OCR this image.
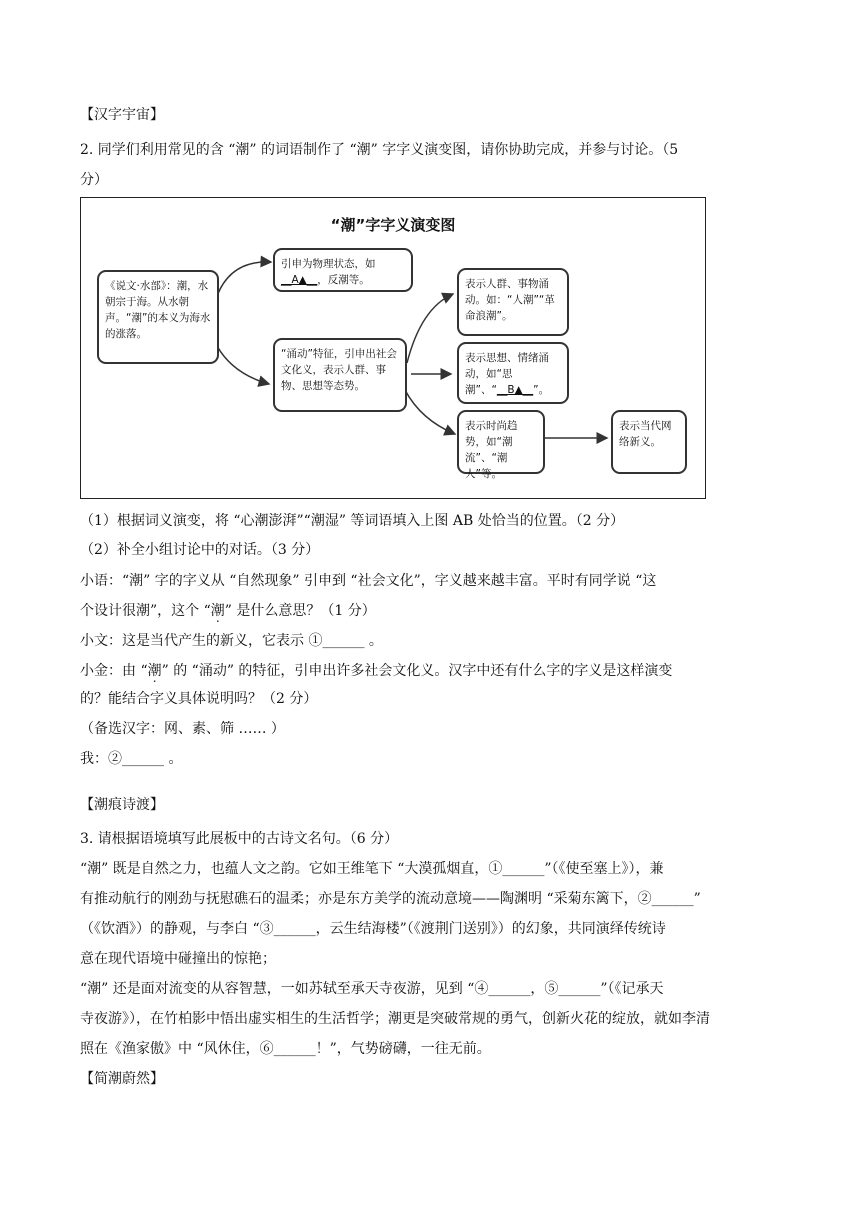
【汉字宇宙】
2. 同学们利用常见的含 “潮” 的词语制作了 “潮” 字字义演变图，请你协助完成，并参与讨论。（5
分）
“潮”字字义演变图
《说文·水部》：潮，水朝宗于海。从水朝声。“潮”的本义为海水的涨落。
引申为物理状态，如 __A▲__，反潮等。
“涌动”特征，引申出社会文化义，表示人群、事物、思想等态势。
表示人群、事物涌动。如：“人潮”“革命浪潮”。
表示思想、情绪涌动，如“思潮”、“__B▲__”。
表示时尚趋势，如“潮流”、“潮人”等。
表示当代网络新义。
（1）根据词义演变，将 “心潮澎湃”“潮湿” 等词语填入上图 AB 处恰当的位置。（2 分）
（2）补全小组讨论中的对话。（3 分）
小语：“潮” 字的字义从 “自然现象” 引申到 “社会文化”，字义越来越丰富。平时有同学说 “这
个设计很潮”，这个 “潮” 是什么意思？（1 分）
小文：这是当代产生的新义，它表示 ①______ 。
小金：由 “潮” 的 “涌动” 的特征，引申出许多社会文化义。汉字中还有什么字的字义是这样演变
的？能结合字义具体说明吗？（2 分）
（备选汉字：网、素、筛 …… ）
我：②______ 。
【潮痕诗渡】
3. 请根据语境填写此展板中的古诗文名句。（6 分）
“潮” 既是自然之力，也蕴人文之韵。它如王维笔下 “大漠孤烟直，①______”（《使至塞上》），兼
有推动航行的刚劲与抚慰礁石的温柔；亦是东方美学的流动意境——陶渊明 “采菊东篱下，②______”
（《饮酒》）的静观，与李白 “③______，云生结海楼”（《渡荆门送别》）的幻象，共同演绎传统诗
意在现代语境中碰撞出的惊艳；
“潮” 还是面对流变的从容智慧，一如苏轼至承天寺夜游，见到 “④______，⑤______”（《记承天
寺夜游》），在竹柏影中悟出虚实相生的生活哲学；潮更是突破常规的勇气，创新火花的绽放，就如李清
照在《渔家傲》中 “风休住，⑥______！”，气势磅礴，一往无前。
【简潮蔚然】
